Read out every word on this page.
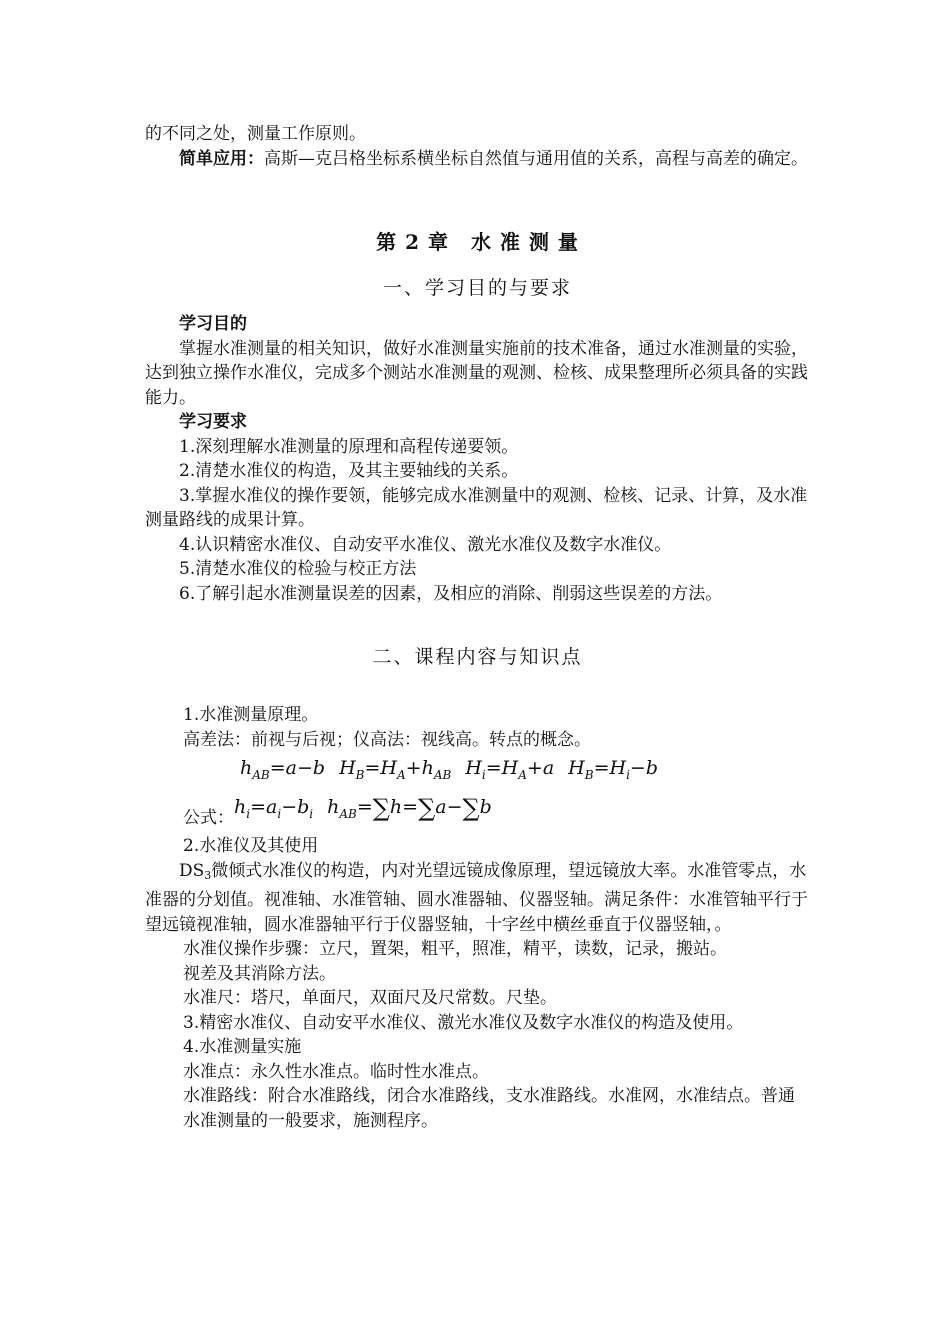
的不同之处，测量工作原则。

简单应用：高斯—克吕格坐标系横坐标自然值与通用值的关系，高程与高差的确定。

第 2 章 水 准 测 量
一、学习目的与要求

学习目的

掌握水准测量的相关知识，做好水准测量实施前的技术准备，通过水准测量的实验，达到独立操作水准仪，完成多个测站水准测量的观测、检核、成果整理所必须具备的实践能力。

学习要求

1.深刻理解水准测量的原理和高程传递要领。

2.清楚水准仪的构造，及其主要轴线的关系。

3.掌握水准仪的操作要领，能够完成水准测量中的观测、检核、记录、计算，及水准测量路线的成果计算。

4.认识精密水准仪、自动安平水准仪、激光水准仪及数字水准仪。

5.清楚水准仪的检验与校正方法

6.了解引起水准测量误差的因素，及相应的消除、削弱这些误差的方法。

二、课程内容与知识点

1.水准测量原理。

高差法：前视与后视；仪高法：视线高。转点的概念。

$h_{AB}=a-b$ $H_B=H_A+h_{AB}$ $H_i=H_A+a$ $H_B=H_i-b$
公式：$h_i=a_i-b_i$ $h_{AB}=\sum h=\sum a-\sum b$

2.水准仪及其使用

DS3微倾式水准仪的构造，内对光望远镜成像原理，望远镜放大率。水准管零点，水准器的分划值。视准轴、水准管轴、圆水准器轴、仪器竖轴。满足条件：水准管轴平行于望远镜视准轴，圆水准器轴平行于仪器竖轴，十字丝中横丝垂直于仪器竖轴，。

水准仪操作步骤：立尺，置架，粗平，照准，精平，读数，记录，搬站。

视差及其消除方法。

水准尺：塔尺，单面尺，双面尺及尺常数。尺垫。

3.精密水准仪、自动安平水准仪、激光水准仪及数字水准仪的构造及使用。

4.水准测量实施

水准点：永久性水准点。临时性水准点。

水准路线：附合水准路线，闭合水准路线，支水准路线。水准网，水准结点。普通水准测量的一般要求，施测程序。
